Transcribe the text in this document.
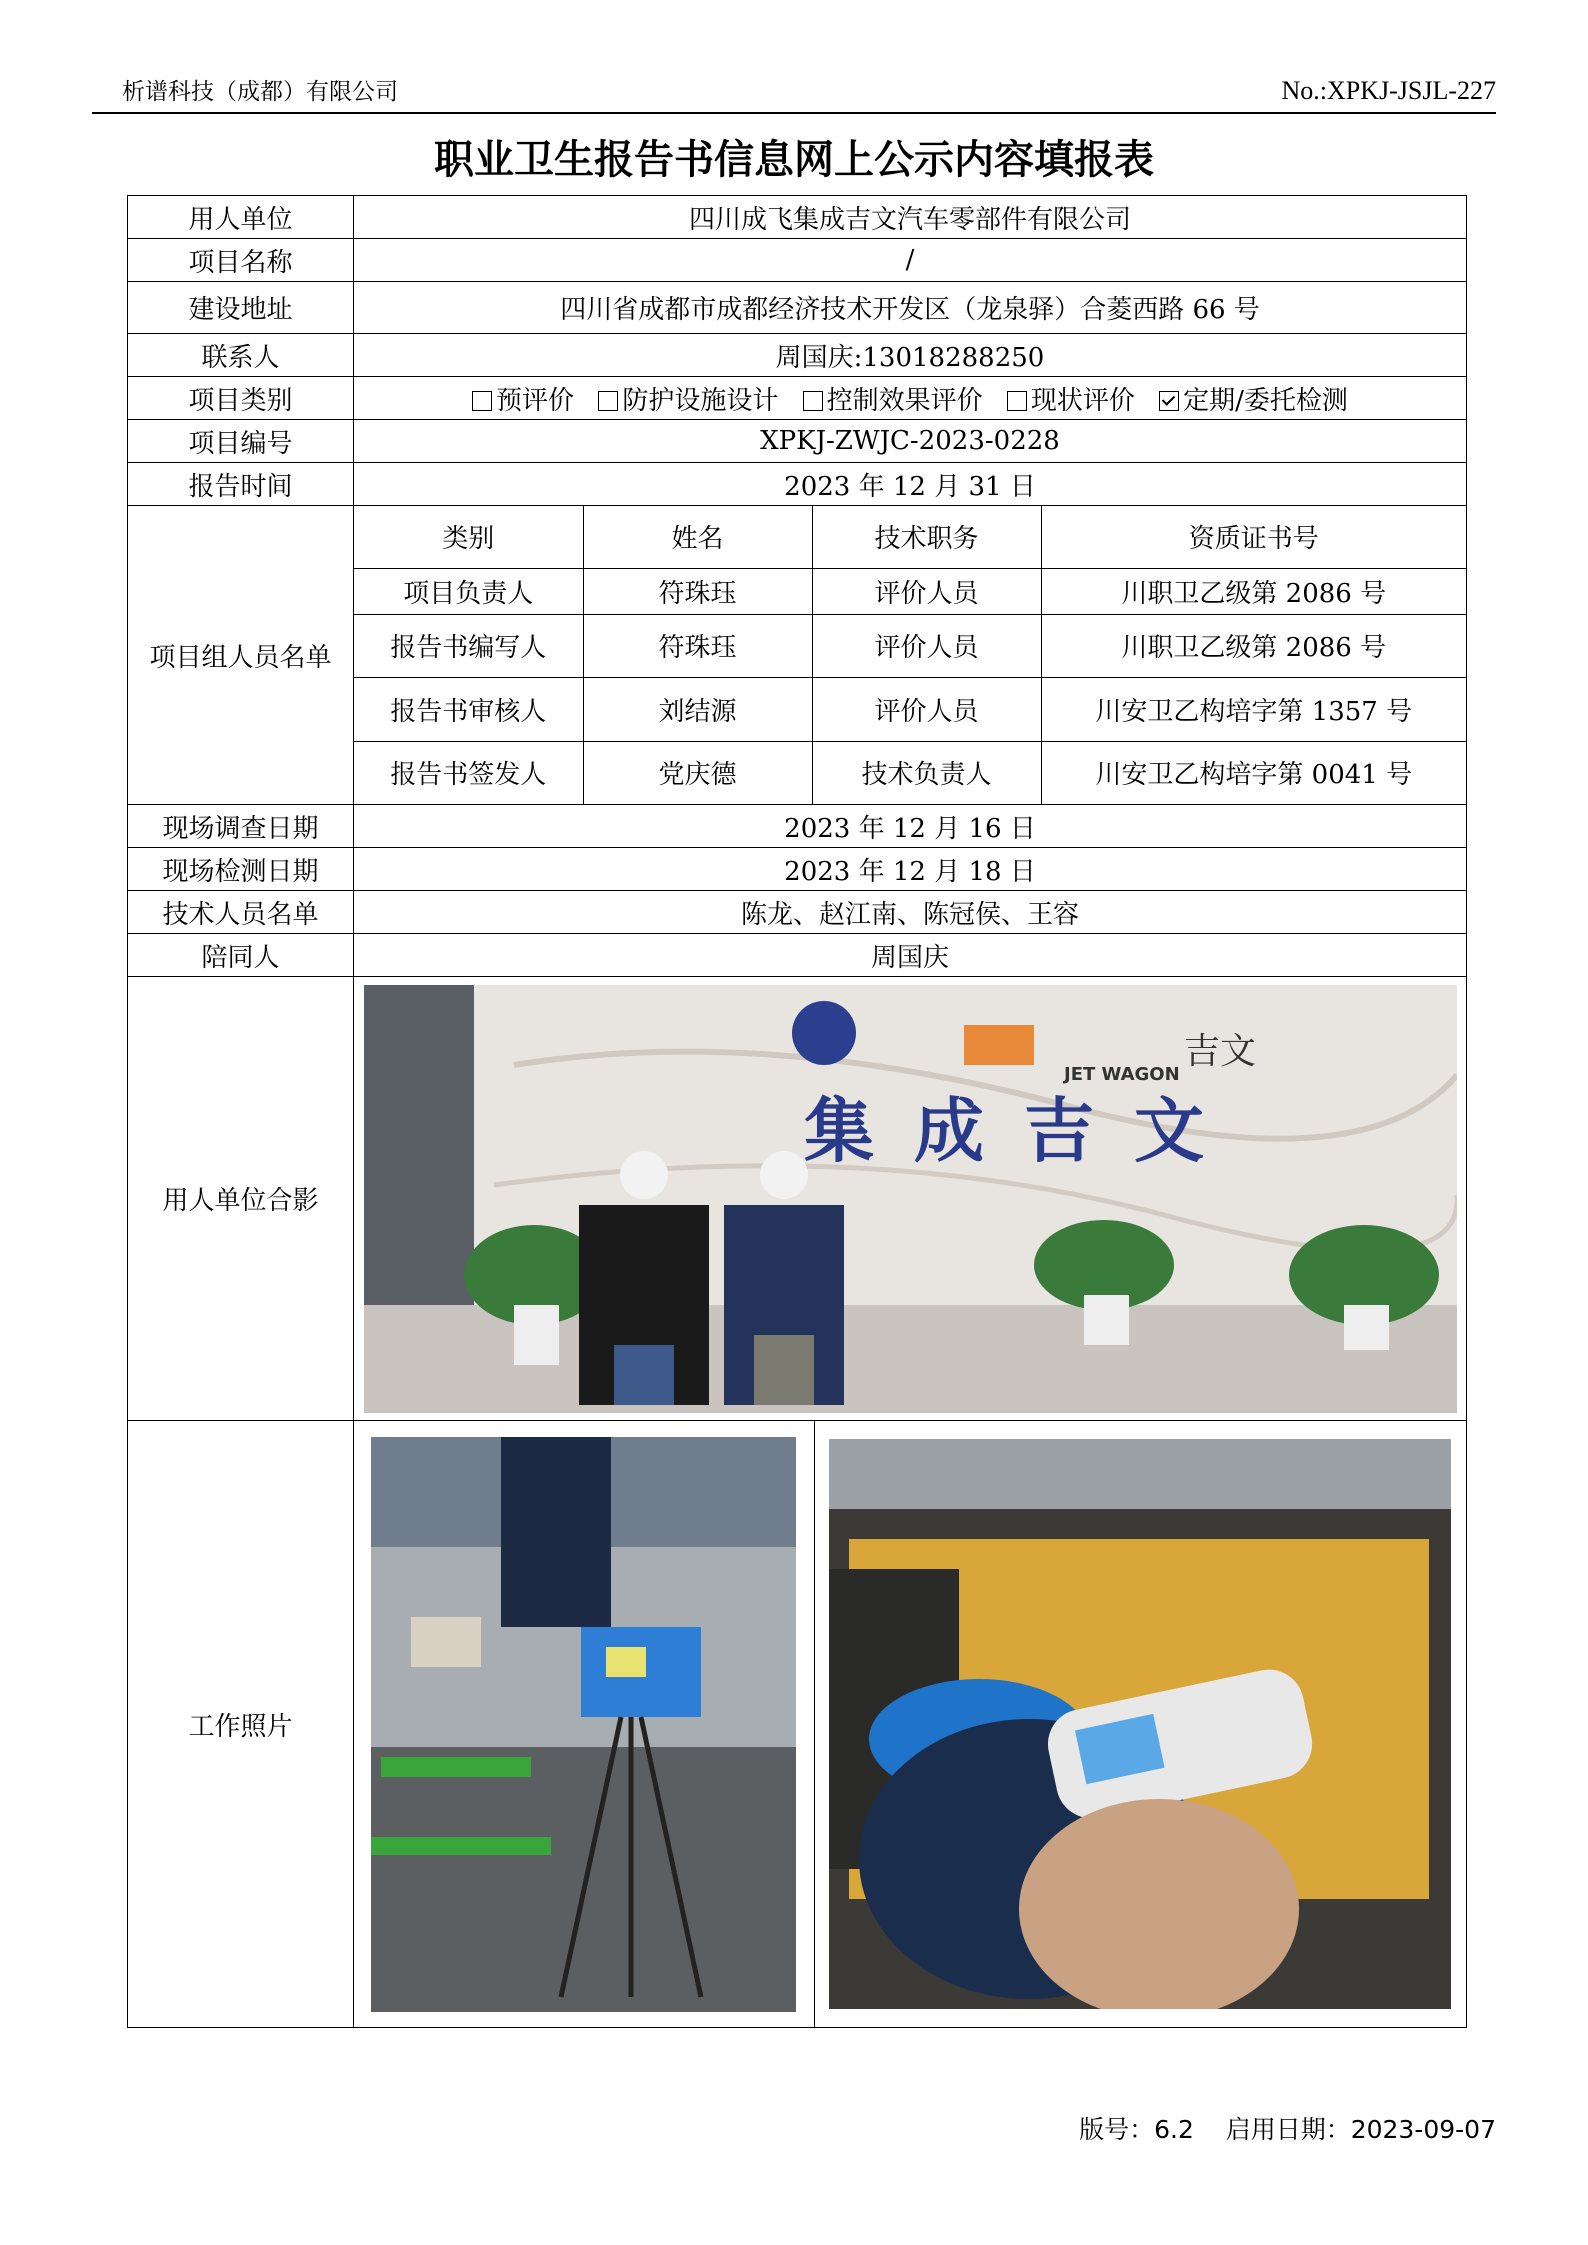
析谱科技（成都）有限公司	No.:XPKJ-JSJL-227
职业卫生报告书信息网上公示内容填报表
用人单位	四川成飞集成吉文汽车零部件有限公司
项目名称	/
建设地址	四川省成都市成都经济技术开发区（龙泉驿）合菱西路 66 号
联系人	周国庆:13018288250
项目类别	预评价 防护设施设计 控制效果评价 现状评价 定期/委托检测
项目编号	XPKJ-ZWJC-2023-0228
报告时间	2023 年 12 月 31 日
项目组人员名单	
类别	姓名	技术职务	资质证书号
项目负责人	符珠珏	评价人员	川职卫乙级第 2086 号
报告书编写人	符珠珏	评价人员	川职卫乙级第 2086 号
报告书审核人	刘结源	评价人员	川安卫乙构培字第 1357 号
报告书签发人	党庆德	技术负责人	川安卫乙构培字第 0041 号

现场调查日期	2023 年 12 月 16 日
现场检测日期	2023 年 12 月 18 日
技术人员名单	陈龙、赵江南、陈冠侯、王容
陪同人	周国庆
用人单位合影	
吉文
JET WAGON
集成吉文

工作照片	

版号：6.2 启用日期：2023-09-07
